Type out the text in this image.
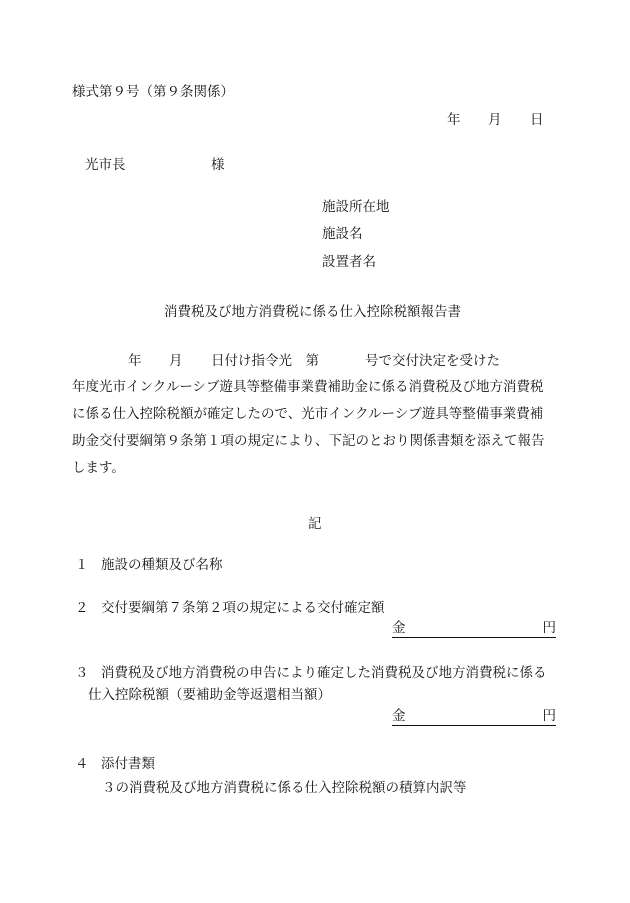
様式第９号（第９条関係）
年 月 日
光市長	様
施設所在地
施設名
設置者名
消費税及び地方消費税に係る仕入控除税額報告書
年 月 日付け指令光　第	号で交付決定を受けた
年度光市インクルーシブ遊具等整備事業費補助金に係る消費税及び地方消費税
に係る仕入控除税額が確定したので、光市インクルーシブ遊具等整備事業費補
助金交付要綱第９条第１項の規定により、下記のとおり関係書類を添えて報告
します。
記
１ 施設の種類及び名称
２ 交付要綱第７条第２項の規定による交付確定額
金	円
３ 消費税及び地方消費税の申告により確定した消費税及び地方消費税に係る
仕入控除税額（要補助金等返還相当額）
金	円
４ 添付書類
３の消費税及び地方消費税に係る仕入控除税額の積算内訳等
